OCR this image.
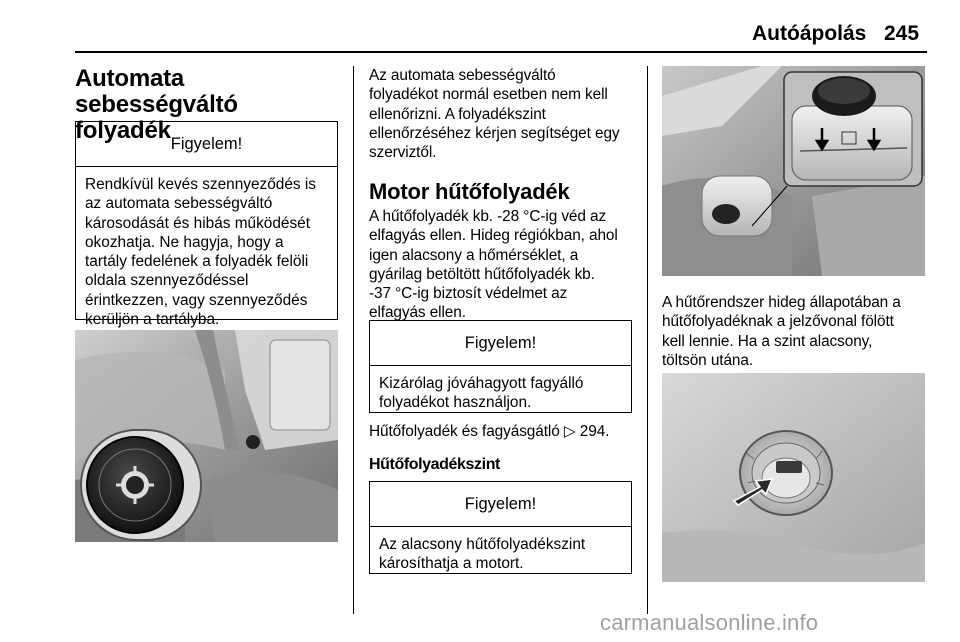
Autóápolás 245
Automata sebességváltó
folyadék Figyelem!
Rendkívül kevés szennyeződés is
az automata sebességváltó
károsodását és hibás működését
okozhatja. Ne hagyja, hogy a
tartály fedelének a folyadék felöli
oldala szennyeződéssel
érintkezzen, vagy szennyeződés
kerüljön a tartályba.
Az automata sebességváltó
folyadékot normál esetben nem kell
ellenőrizni. A folyadékszint
ellenőrzéséhez kérjen segítséget egy
szerviztől.
Motor hűtőfolyadék
A hűtőfolyadék kb. -28 °C-ig véd az
elfagyás ellen. Hideg régiókban, ahol
igen alacsony a hőmérséklet, a
gyárilag betöltött hűtőfolyadék kb.
-37 °C-ig biztosít védelmet az
elfagyás ellen.
Figyelem!
Kizárólag jóváhagyott fagyálló
folyadékot használjon.
Hűtőfolyadék és fagyásgátló ▷ 294.
Hűtőfolyadékszint
Figyelem!
Az alacsony hűtőfolyadékszint
károsíthatja a motort.
A hűtőrendszer hideg állapotában a
hűtőfolyadéknak a jelzővonal fölött
kell lennie. Ha a szint alacsony,
töltsön utána.
carmanualsonline.info
